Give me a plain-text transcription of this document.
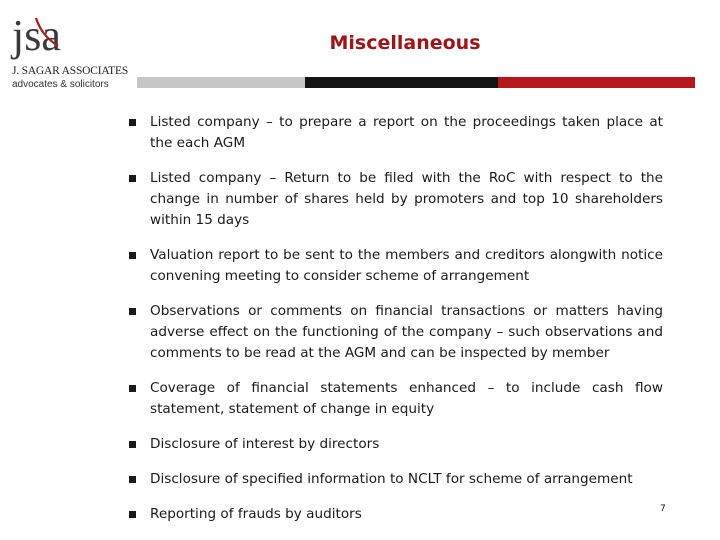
jsa
J. SAGAR ASSOCIATES
advocates & solicitors
Miscellaneous
Listed company – to prepare a report on the proceedings taken place at the each AGM
Listed company – Return to be filed with the RoC with respect to the change in number of shares held by promoters and top 10 shareholders within 15 days
Valuation report to be sent to the members and creditors alongwith notice convening meeting to consider scheme of arrangement
Observations or comments on financial transactions or matters having adverse effect on the functioning of the company – such observations and comments to be read at the AGM and can be inspected by member
Coverage of financial statements enhanced – to include cash flow statement, statement of change in equity
Disclosure of interest by directors
Disclosure of specified information to NCLT for scheme of arrangement
Reporting of frauds by auditors	7
